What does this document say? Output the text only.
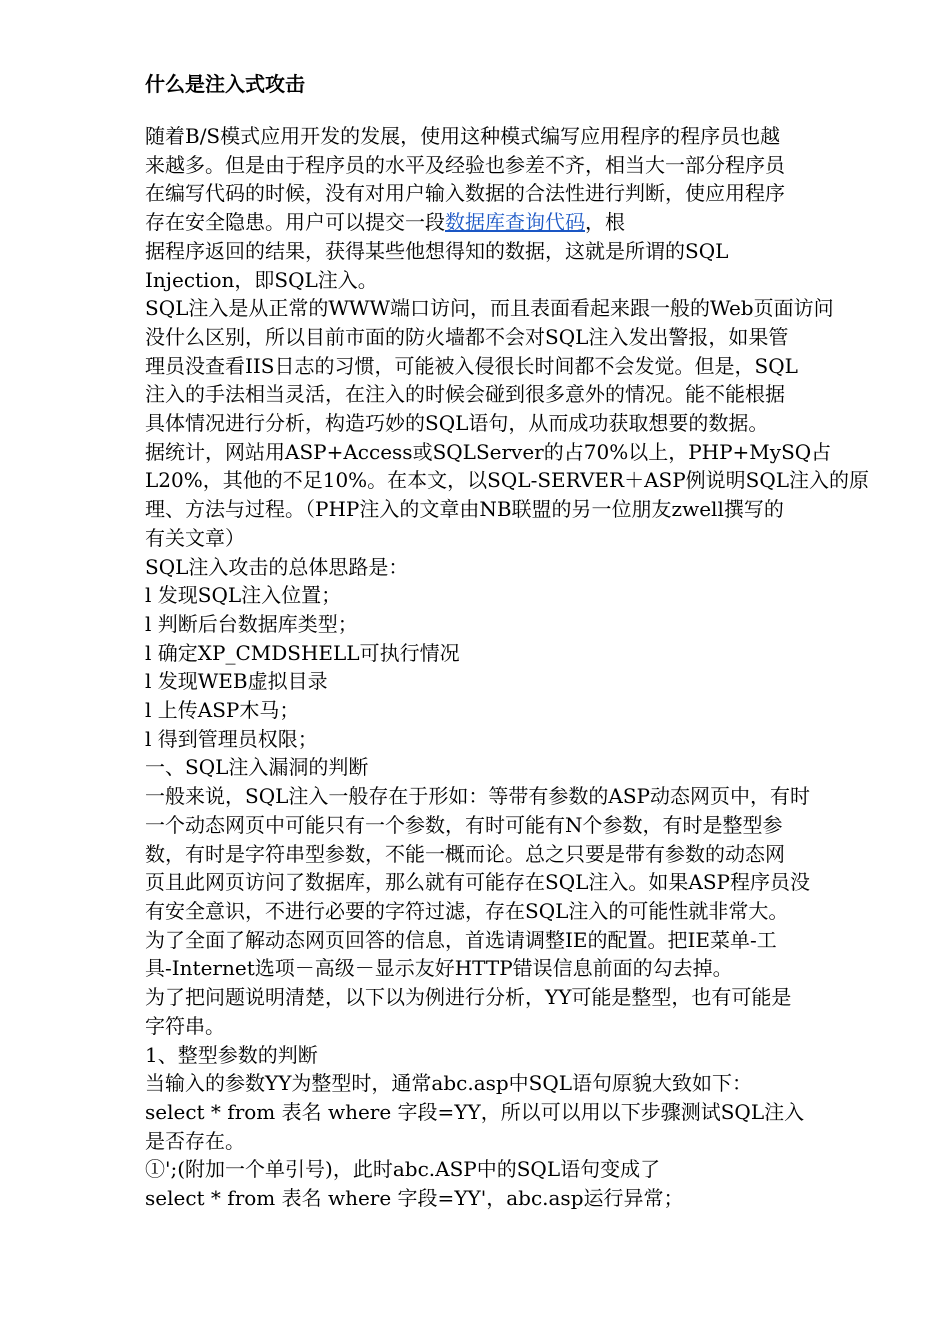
什么是注入式攻击
随着B/S模式应用开发的发展，使用这种模式编写应用程序的程序员也越
来越多。但是由于程序员的水平及经验也参差不齐，相当大一部分程序员
在编写代码的时候，没有对用户输入数据的合法性进行判断，使应用程序
存在安全隐患。用户可以提交一段数据库查询代码，根
据程序返回的结果，获得某些他想得知的数据，这就是所谓的SQL
Injection，即SQL注入。
SQL注入是从正常的WWW端口访问，而且表面看起来跟一般的Web页面访问
没什么区别，所以目前市面的防火墙都不会对SQL注入发出警报，如果管
理员没查看IIS日志的习惯，可能被入侵很长时间都不会发觉。但是，SQL
注入的手法相当灵活，在注入的时候会碰到很多意外的情况。能不能根据
具体情况进行分析，构造巧妙的SQL语句，从而成功获取想要的数据。
据统计，网站用ASP+Access或SQLServer的占70%以上，PHP+MySQ占
L20%，其他的不足10%。在本文，以SQL-SERVER＋ASP例说明SQL注入的原
理、方法与过程。（PHP注入的文章由NB联盟的另一位朋友zwell撰写的
有关文章）
SQL注入攻击的总体思路是：
l 发现SQL注入位置；
l 判断后台数据库类型；
l 确定XP_CMDSHELL可执行情况
l 发现WEB虚拟目录
l 上传ASP木马；
l 得到管理员权限；
一、SQL注入漏洞的判断
一般来说，SQL注入一般存在于形如：等带有参数的ASP动态网页中，有时
一个动态网页中可能只有一个参数，有时可能有N个参数，有时是整型参
数，有时是字符串型参数，不能一概而论。总之只要是带有参数的动态网
页且此网页访问了数据库，那么就有可能存在SQL注入。如果ASP程序员没
有安全意识，不进行必要的字符过滤，存在SQL注入的可能性就非常大。
为了全面了解动态网页回答的信息，首选请调整IE的配置。把IE菜单-工
具-Internet选项－高级－显示友好HTTP错误信息前面的勾去掉。
为了把问题说明清楚，以下以为例进行分析，YY可能是整型，也有可能是
字符串。
1、整型参数的判断
当输入的参数YY为整型时，通常abc.asp中SQL语句原貌大致如下：
select * from 表名 where 字段=YY，所以可以用以下步骤测试SQL注入
是否存在。
①';(附加一个单引号)，此时abc.ASP中的SQL语句变成了
select * from 表名 where 字段=YY'，abc.asp运行异常；
